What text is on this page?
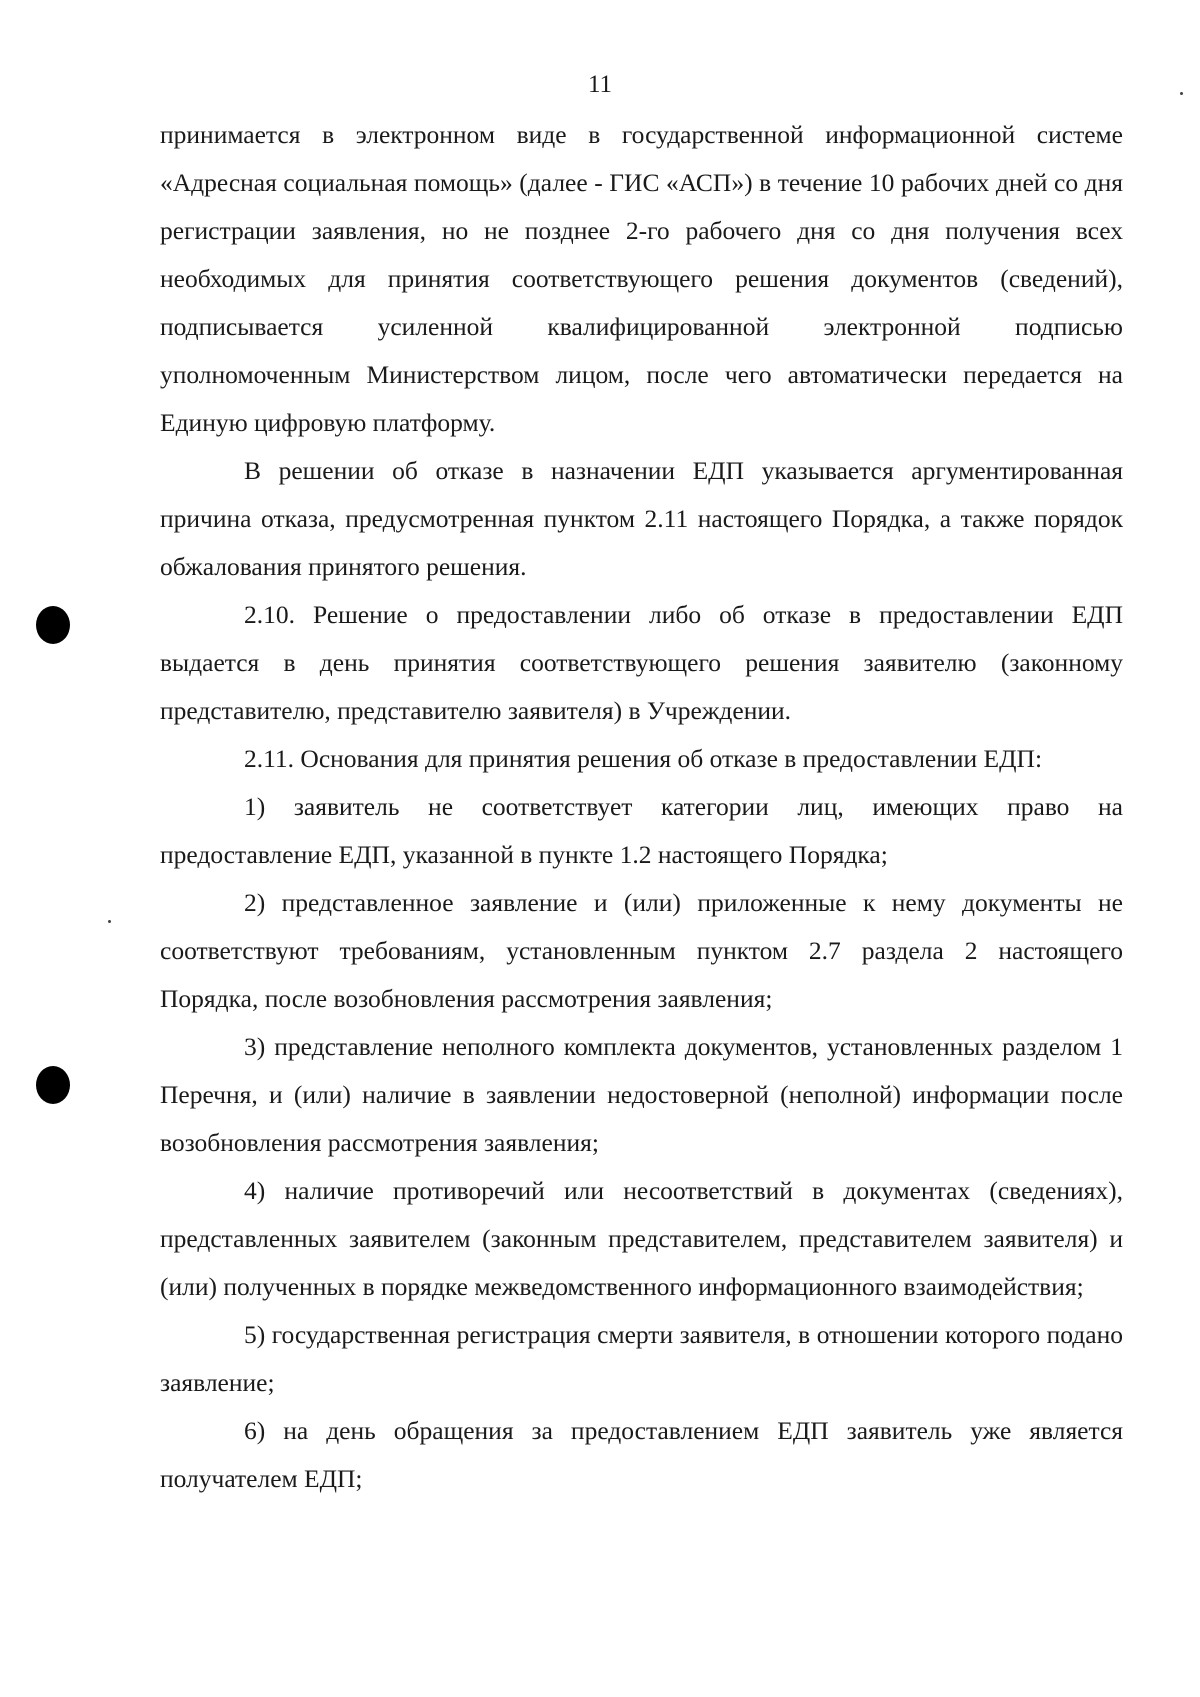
11

принимается в электронном виде в государственной информационной системе «Адресная социальная помощь» (далее - ГИС «АСП») в течение 10 рабочих дней со дня регистрации заявления, но не позднее 2-го рабочего дня со дня получения всех необходимых для принятия соответствующего решения документов (сведений), подписывается усиленной квалифицированной электронной подписью уполномоченным Министерством лицом, после чего автоматически передается на Единую цифровую платформу.

В решении об отказе в назначении ЕДП указывается аргументированная причина отказа, предусмотренная пунктом 2.11 настоящего Порядка, а также порядок обжалования принятого решения.

2.10. Решение о предоставлении либо об отказе в предоставлении ЕДП выдается в день принятия соответствующего решения заявителю (законному представителю, представителю заявителя) в Учреждении.

2.11. Основания для принятия решения об отказе в предоставлении ЕДП:

1) заявитель не соответствует категории лиц, имеющих право на предоставление ЕДП, указанной в пункте 1.2 настоящего Порядка;

2) представленное заявление и (или) приложенные к нему документы не соответствуют требованиям, установленным пунктом 2.7 раздела 2 настоящего Порядка, после возобновления рассмотрения заявления;

3) представление неполного комплекта документов, установленных разделом 1 Перечня, и (или) наличие в заявлении недостоверной (неполной) информации после возобновления рассмотрения заявления;

4) наличие противоречий или несоответствий в документах (сведениях), представленных заявителем (законным представителем, представителем заявителя) и (или) полученных в порядке межведомственного информационного взаимодействия;

5) государственная регистрация смерти заявителя, в отношении которого подано заявление;

6) на день обращения за предоставлением ЕДП заявитель уже является получателем ЕДП;
